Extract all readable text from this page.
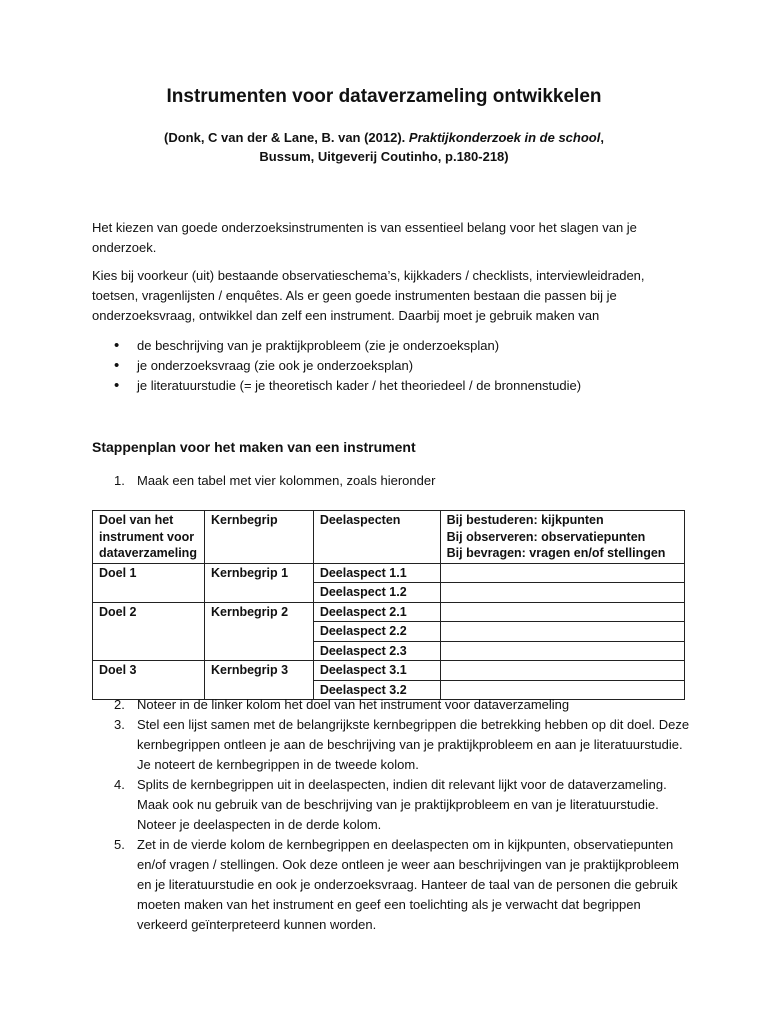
Instrumenten voor dataverzameling ontwikkelen
(Donk, C van der & Lane, B. van (2012). Praktijkonderzoek in de school,
Bussum, Uitgeverij Coutinho, p.180-218)
Het kiezen van goede onderzoeksinstrumenten is van essentieel belang voor het slagen van je onderzoek.
Kies bij voorkeur (uit) bestaande observatieschema’s, kijkkaders / checklists, interviewleidraden, toetsen, vragenlijsten / enquêtes. Als er geen goede instrumenten bestaan die passen bij je onderzoeksvraag, ontwikkel dan zelf een instrument. Daarbij moet je gebruik maken van
• de beschrijving van je praktijkprobleem (zie je onderzoeksplan)
• je onderzoeksvraag (zie ook je onderzoeksplan)
• je literatuurstudie (= je theoretisch kader / het theoriedeel / de bronnenstudie)
Stappenplan voor het maken van een instrument
1. Maak een tabel met vier kolommen, zoals hieronder
Doel van het instrument voor dataverzameling	Kernbegrip	Deelaspecten	Bij bestuderen: kijkpunten
Bij observeren: observatiepunten
Bij bevragen: vragen en/of stellingen

Doel 1	Kernbegrip 1	Deelaspect 1.1	
		Deelaspect 1.2	
Doel 2	Kernbegrip 2	Deelaspect 2.1	
		Deelaspect 2.2	
		Deelaspect 2.3	
Doel 3	Kernbegrip 3	Deelaspect 3.1	
		Deelaspect 3.2	
2. Noteer in de linker kolom het doel van het instrument voor dataverzameling
3. Stel een lijst samen met de belangrijkste kernbegrippen die betrekking hebben op dit doel. Deze kernbegrippen ontleen je aan de beschrijving van je praktijkprobleem en aan je literatuurstudie. Je noteert de kernbegrippen in de tweede kolom.
4. Splits de kernbegrippen uit in deelaspecten, indien dit relevant lijkt voor de dataverzameling. Maak ook nu gebruik van de beschrijving van je praktijkprobleem en van je literatuurstudie. Noteer je deelaspecten in de derde kolom.
5. Zet in de vierde kolom de kernbegrippen en deelaspecten om in kijkpunten, observatiepunten en/of vragen / stellingen. Ook deze ontleen je weer aan beschrijvingen van je praktijkprobleem en je literatuurstudie en ook je onderzoeksvraag. Hanteer de taal van de personen die gebruik moeten maken van het instrument en geef een toelichting als je verwacht dat begrippen verkeerd geïnterpreteerd kunnen worden.
